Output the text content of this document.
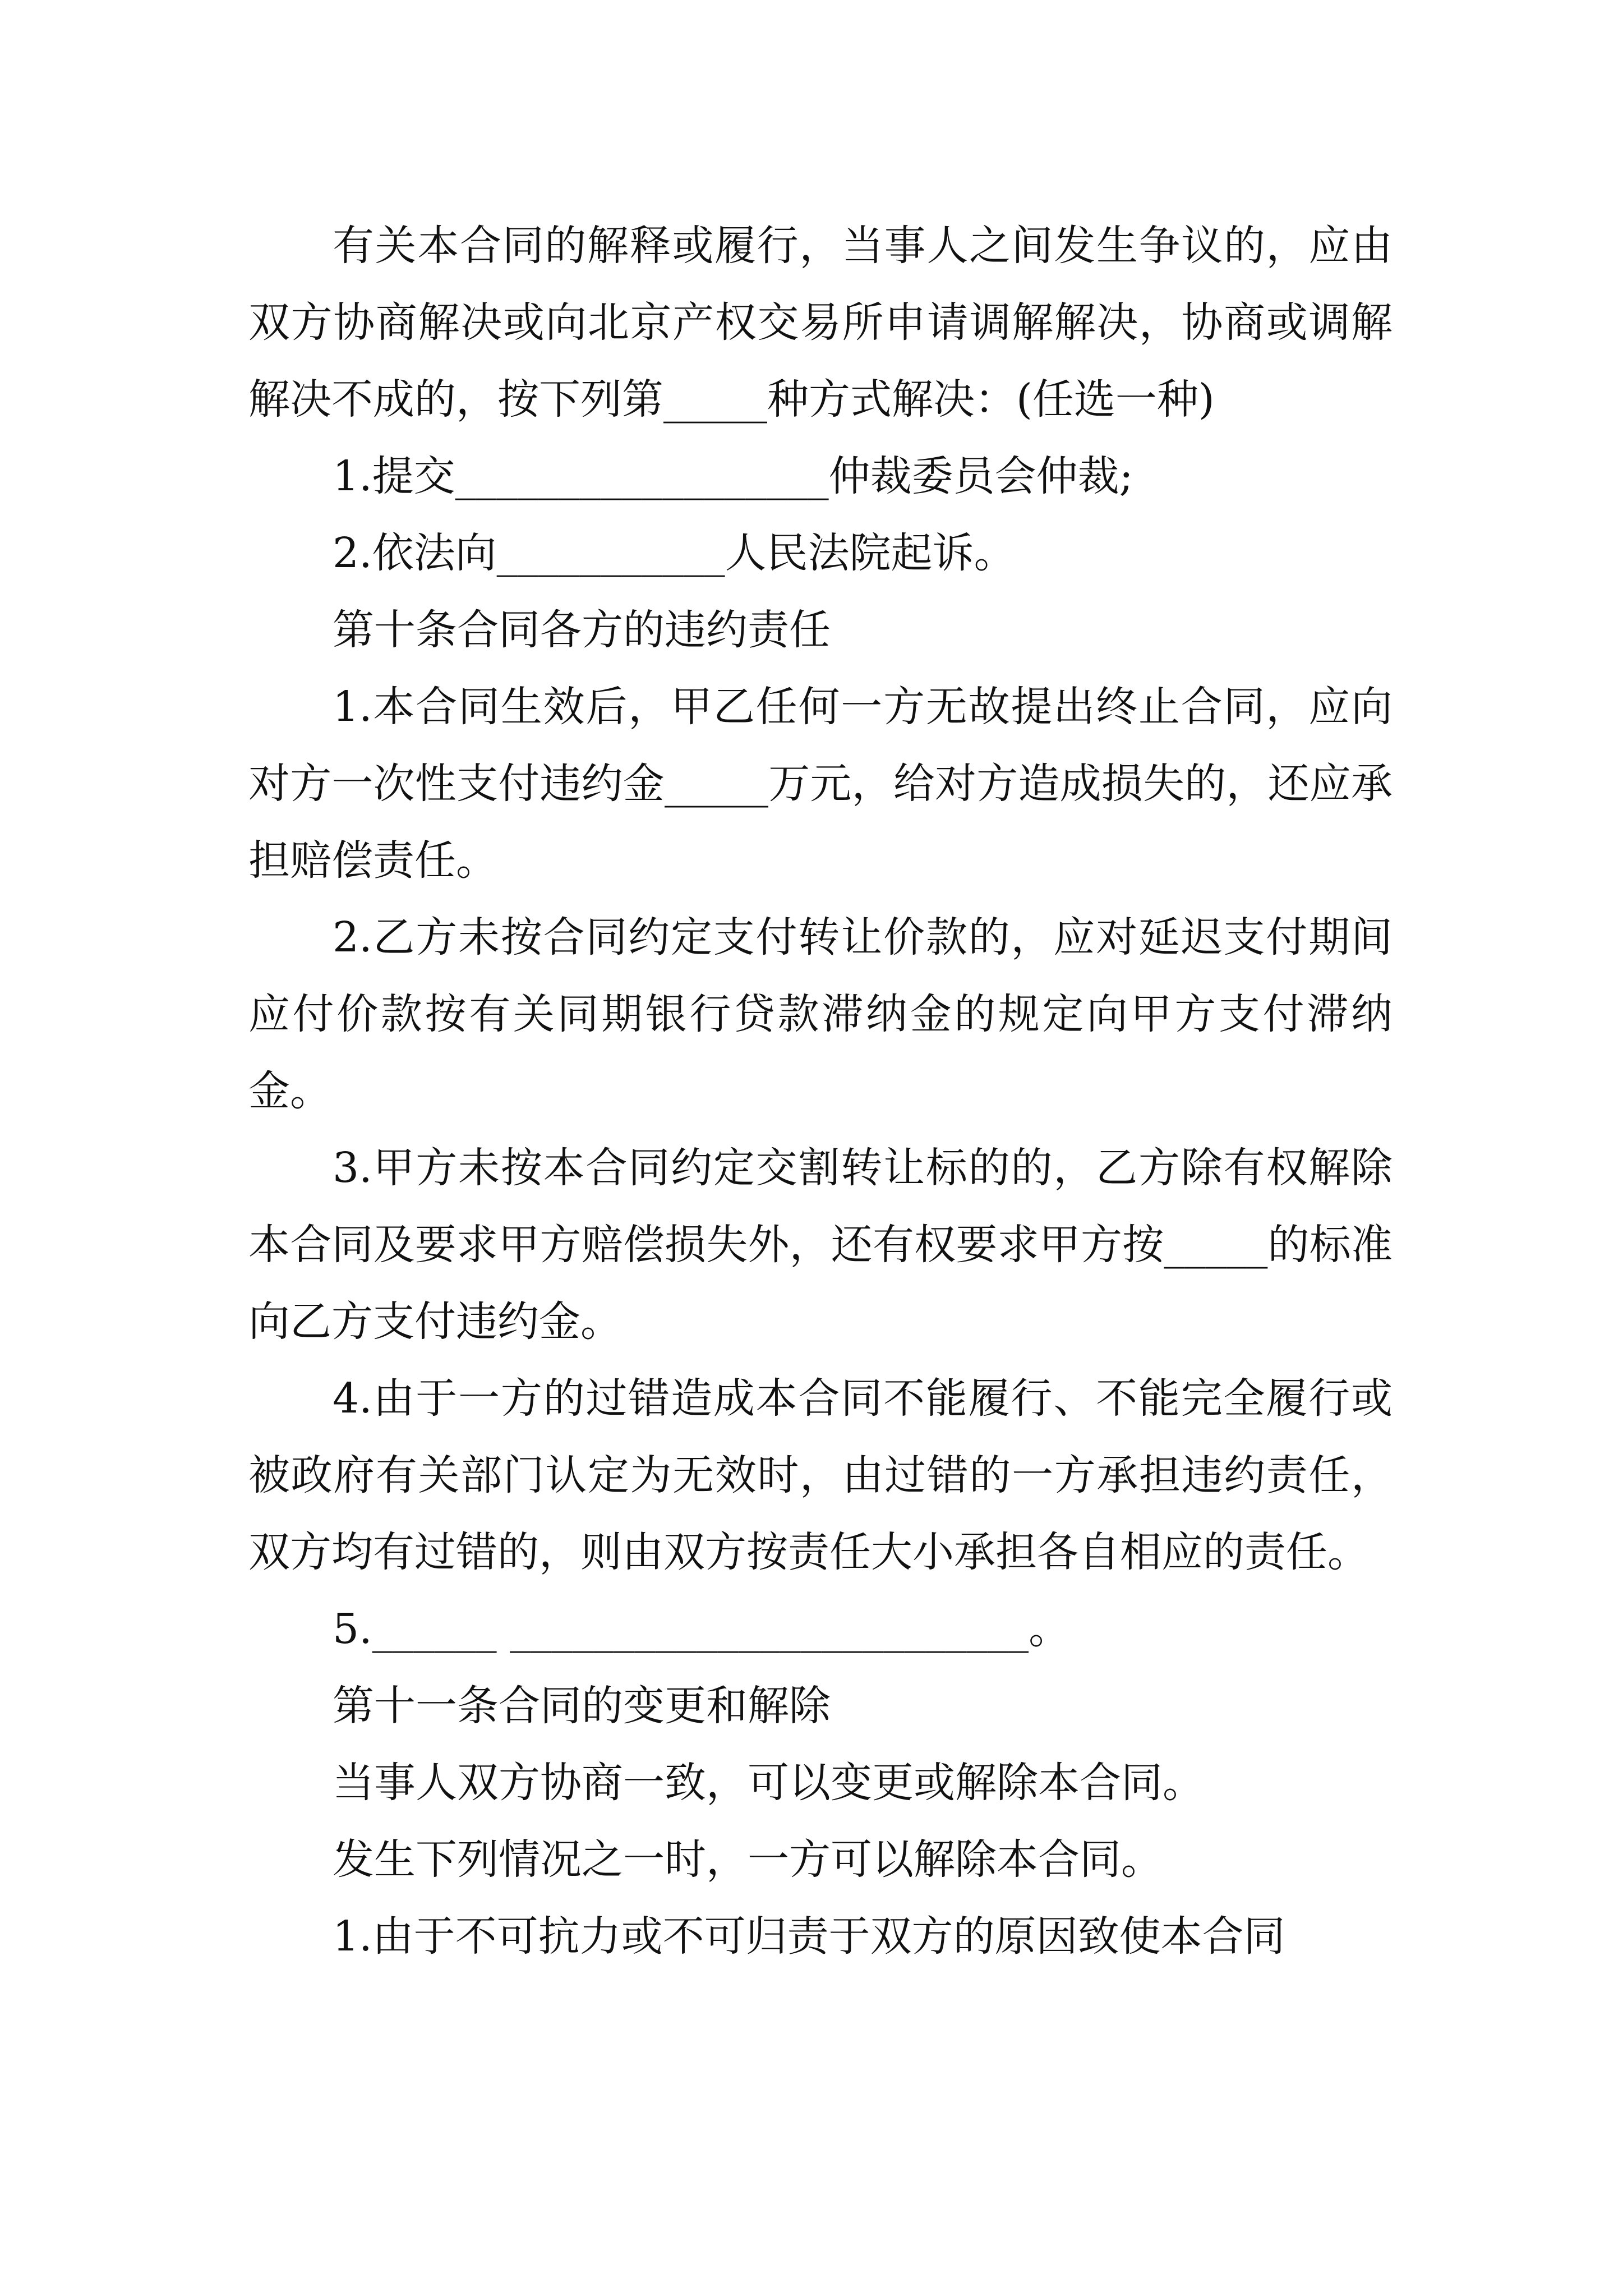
有关本合同的解释或履行，当事人之间发生争议的，应由双方协商解决或向北京产权交易所申请调解解决，协商或调解解决不成的，按下列第_____种方式解决：(任选一种)

1.提交__________________仲裁委员会仲裁;

2.依法向___________人民法院起诉。

第十条合同各方的违约责任

1.本合同生效后，甲乙任何一方无故提出终止合同，应向对方一次性支付违约金_____万元，给对方造成损失的，还应承担赔偿责任。

2.乙方未按合同约定支付转让价款的，应对延迟支付期间应付价款按有关同期银行贷款滞纳金的规定向甲方支付滞纳金。

3.甲方未按本合同约定交割转让标的的，乙方除有权解除本合同及要求甲方赔偿损失外，还有权要求甲方按_____的标准向乙方支付违约金。

4.由于一方的过错造成本合同不能履行、不能完全履行或被政府有关部门认定为无效时，由过错的一方承担违约责任，双方均有过错的，则由双方按责任大小承担各自相应的责任。

5.______ _________________________。

第十一条合同的变更和解除

当事人双方协商一致，可以变更或解除本合同。

发生下列情况之一时，一方可以解除本合同。

1.由于不可抗力或不可归责于双方的原因致使本合同
